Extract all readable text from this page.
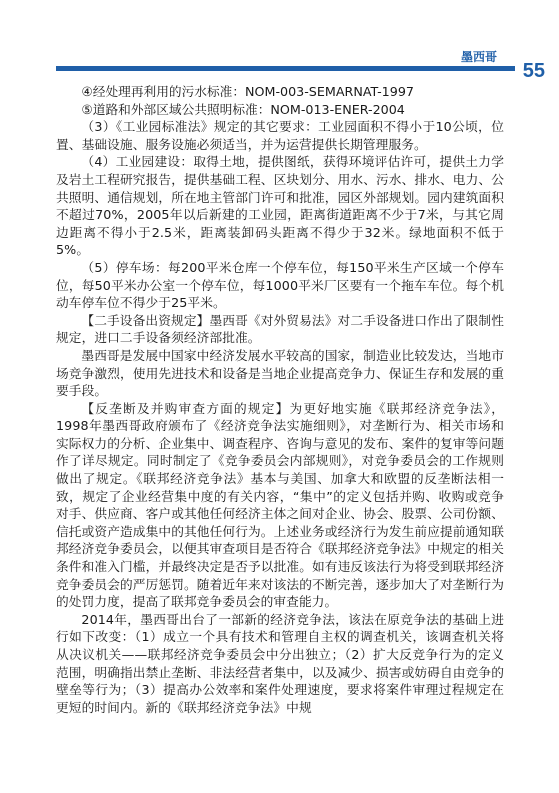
墨西哥
55

④经处理再利用的污水标准：NOM-003-SEMARNAT-1997

⑤道路和外部区域公共照明标准：NOM-013-ENER-2004

（3）《工业园标准法》规定的其它要求：工业园面积不得小于10公顷，位置、基础设施、服务设施必须适当，并为运营提供长期管理服务。

（4）工业园建设：取得土地，提供图纸，获得环境评估许可，提供土力学及岩土工程研究报告，提供基础工程、区块划分、用水、污水、排水、电力、公共照明、通信规划，所在地主管部门许可和批准，园区外部规划。园内建筑面积不超过70%，2005年以后新建的工业园，距离街道距离不少于7米，与其它周边距离不得小于2.5米，距离装卸码头距离不得少于32米。绿地面积不低于5%。

（5）停车场：每200平米仓库一个停车位，每150平米生产区域一个停车位，每50平米办公室一个停车位，每1000平米厂区要有一个拖车车位。每个机动车停车位不得少于25平米。

【二手设备出资规定】墨西哥《对外贸易法》对二手设备进口作出了限制性规定，进口二手设备须经济部批准。

墨西哥是发展中国家中经济发展水平较高的国家，制造业比较发达，当地市场竞争激烈，使用先进技术和设备是当地企业提高竞争力、保证生存和发展的重要手段。

【反垄断及并购审查方面的规定】为更好地实施《联邦经济竞争法》，1998年墨西哥政府颁布了《经济竞争法实施细则》，对垄断行为、相关市场和实际权力的分析、企业集中、调查程序、咨询与意见的发布、案件的复审等问题作了详尽规定。同时制定了《竞争委员会内部规则》，对竞争委员会的工作规则做出了规定。《联邦经济竞争法》基本与美国、加拿大和欧盟的反垄断法相一致，规定了企业经营集中度的有关内容，“集中”的定义包括并购、收购或竞争对手、供应商、客户或其他任何经济主体之间对企业、协会、股票、公司份额、信托或资产造成集中的其他任何行为。上述业务或经济行为发生前应提前通知联邦经济竞争委员会，以便其审查项目是否符合《联邦经济竞争法》中规定的相关条件和准入门槛，并最终决定是否予以批准。如有违反该法行为将受到联邦经济竞争委员会的严厉惩罚。随着近年来对该法的不断完善，逐步加大了对垄断行为的处罚力度，提高了联邦竞争委员会的审查能力。

2014年，墨西哥出台了一部新的经济竞争法，该法在原竞争法的基础上进行如下改变：（1）成立一个具有技术和管理自主权的调查机关，该调查机关将从决议机关——联邦经济竞争委员会中分出独立；（2）扩大反竞争行为的定义范围，明确指出禁止垄断、非法经营者集中，以及减少、损害或妨碍自由竞争的壁垒等行为；（3）提高办公效率和案件处理速度，要求将案件审理过程规定在更短的时间内。新的《联邦经济竞争法》中规
